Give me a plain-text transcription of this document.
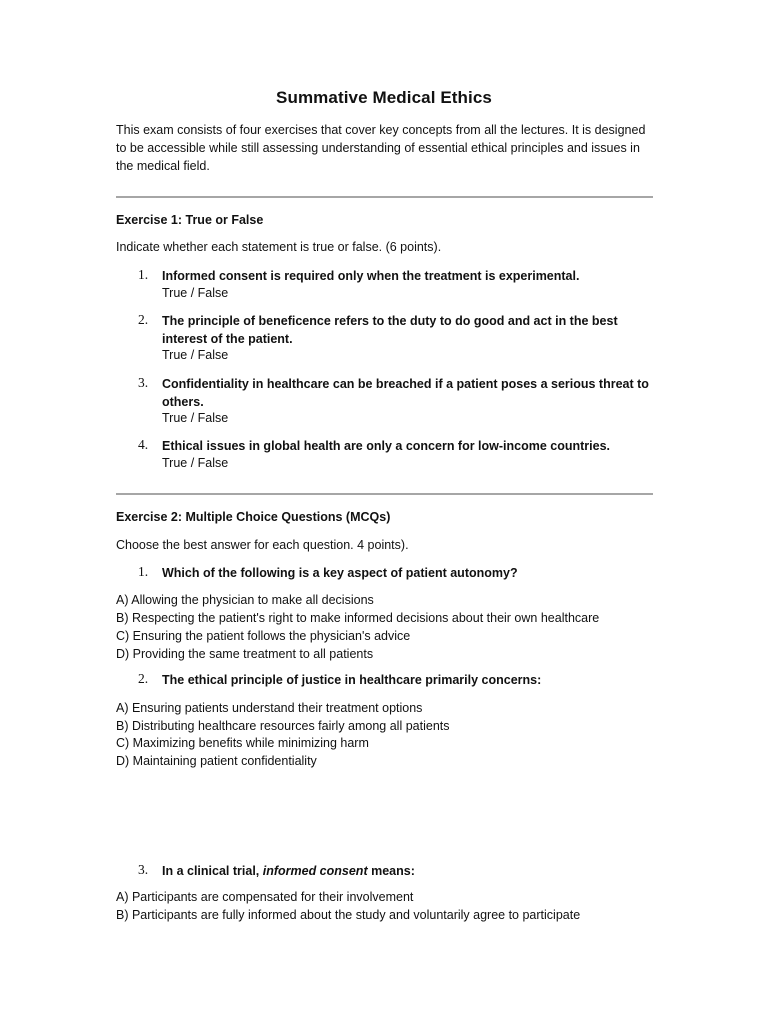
Summative Medical Ethics
This exam consists of four exercises that cover key concepts from all the lectures. It is designed to be accessible while still assessing understanding of essential ethical principles and issues in the medical field.
Exercise 1: True or False
Indicate whether each statement is true or false. (6 points).
1. Informed consent is required only when the treatment is experimental.
True / False
2. The principle of beneficence refers to the duty to do good and act in the best interest of the patient.
True / False
3. Confidentiality in healthcare can be breached if a patient poses a serious threat to others.
True / False
4. Ethical issues in global health are only a concern for low-income countries.
True / False
Exercise 2: Multiple Choice Questions (MCQs)
Choose the best answer for each question. 4 points).
1. Which of the following is a key aspect of patient autonomy?
A) Allowing the physician to make all decisions
B) Respecting the patient's right to make informed decisions about their own healthcare
C) Ensuring the patient follows the physician's advice
D) Providing the same treatment to all patients
2. The ethical principle of justice in healthcare primarily concerns:
A) Ensuring patients understand their treatment options
B) Distributing healthcare resources fairly among all patients
C) Maximizing benefits while minimizing harm
D) Maintaining patient confidentiality
3. In a clinical trial, informed consent means:
A) Participants are compensated for their involvement
B) Participants are fully informed about the study and voluntarily agree to participate
